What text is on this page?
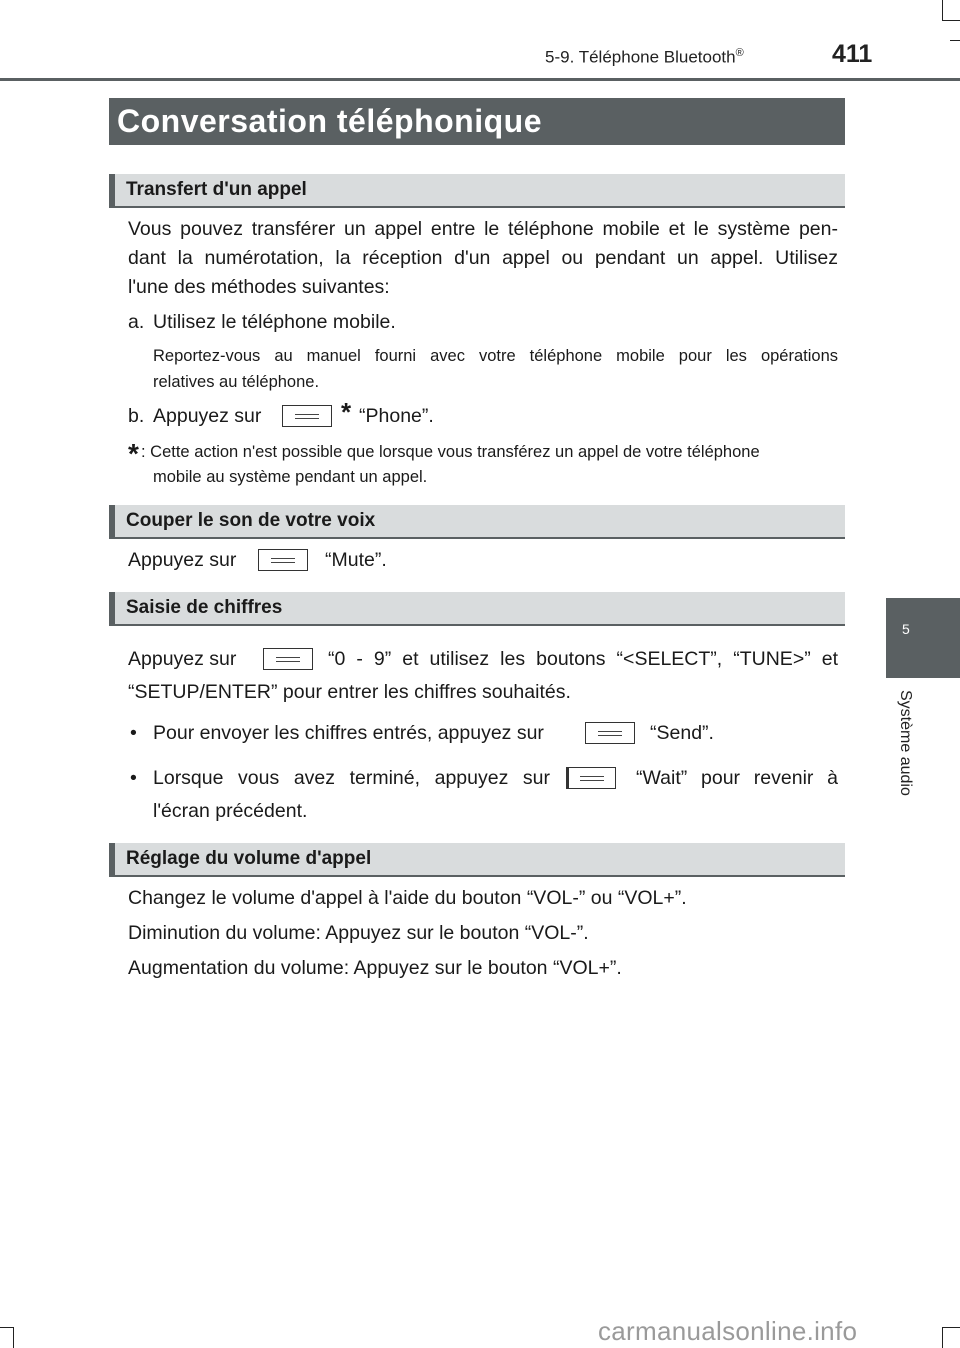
5-9. Téléphone Bluetooth®	411
Conversation téléphonique
Transfert d'un appel
Vous pouvez transférer un appel entre le téléphone mobile et le système pen-
dant la numérotation, la réception d'un appel ou pendant un appel. Utilisez
l'une des méthodes suivantes:
a. Utilisez le téléphone mobile.
Reportez-vous au manuel fourni avec votre téléphone mobile pour les opérations
relatives au téléphone.
b. Appuyez sur	* “Phone”.
* : Cette action n'est possible que lorsque vous transférez un appel de votre téléphone
mobile au système pendant un appel.
Couper le son de votre voix
Appuyez sur	“Mute”.
Saisie de chiffres
Appuyez sur	“0 - 9” et utilisez les boutons “<SELECT”, “TUNE>” et
“SETUP/ENTER” pour entrer les chiffres souhaités.
• Pour envoyer les chiffres entrés, appuyez sur	“Send”.
• Lorsque vous avez terminé, appuyez sur	“Wait” pour revenir à
l'écran précédent.
Réglage du volume d'appel
Changez le volume d'appel à l'aide du bouton “VOL-” ou “VOL+”.
Diminution du volume: Appuyez sur le bouton “VOL-”.
Augmentation du volume: Appuyez sur le bouton “VOL+”.
5
Système audio
carmanualsonline.info
